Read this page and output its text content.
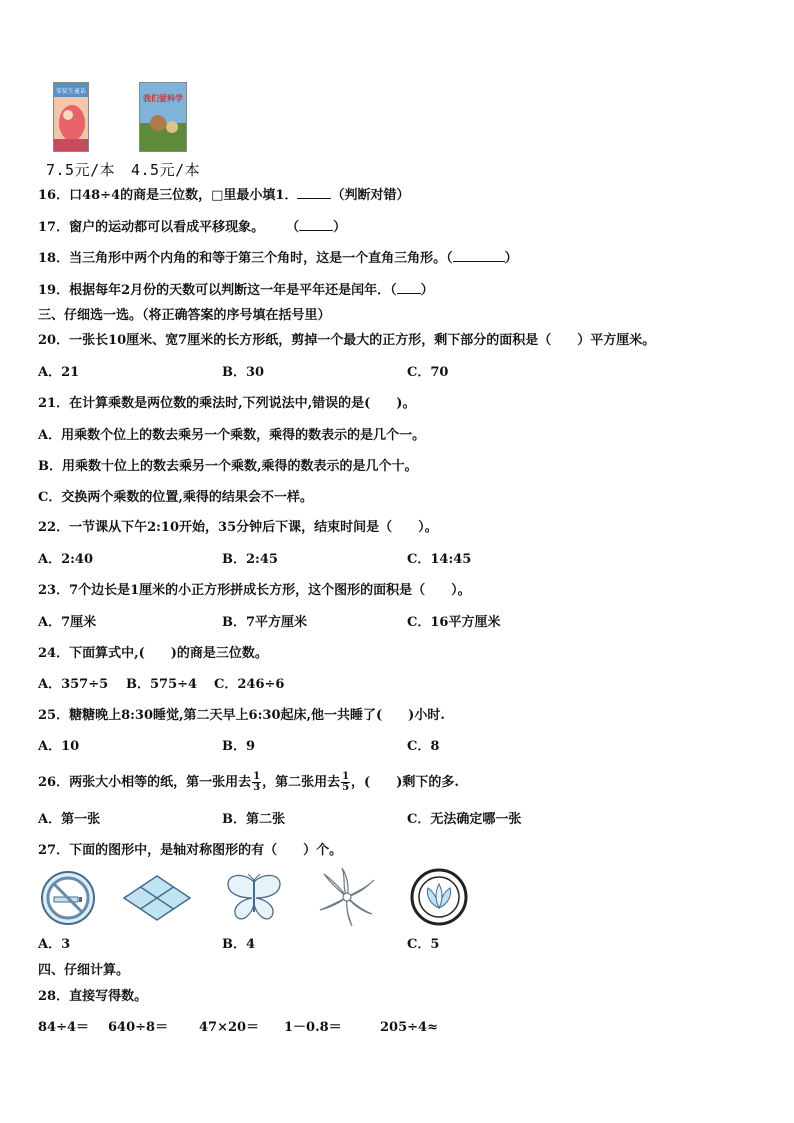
安徒生童话
我们爱科学
7.5元/本 4.5元/本
16．口48÷4的商是三位数，□里最小填1．	（判断对错）
17．窗户的运动都可以看成平移现象。 （	）
18．当三角形中两个内角的和等于第三个角时，这是一个直角三角形。（	）
19．根据每年2月份的天数可以判断这一年是平年还是闰年．（ ）
三、仔细选一选。（将正确答案的序号填在括号里）
20．一张长10厘米、宽7厘米的长方形纸，剪掉一个最大的正方形，剩下部分的面积是（　　）平方厘米。
A．21	B．30	C．70
21．在计算乘数是两位数的乘法时,下列说法中,错误的是(　　)。
A．用乘数个位上的数去乘另一个乘数，乘得的数表示的是几个一。
B．用乘数十位上的数去乘另一个乘数,乘得的数表示的是几个十。
C．交换两个乘数的位置,乘得的结果会不一样。
22．一节课从下午2:10开始，35分钟后下课，结束时间是（　　）。
A．2:40	B．2:45	C．14:45
23．7个边长是1厘米的小正方形拼成长方形，这个图形的面积是（　　）。
A．7厘米	B．7平方厘米	C．16平方厘米
24．下面算式中,(　　)的商是三位数。
A．357÷5 B．575÷4 C．246÷6
25．糖糖晚上8:30睡觉,第二天早上6:30起床,他一共睡了(　　)小时.
A．10	B．9	C．8
26．两张大小相等的纸，第一张用去 $\frac{1}{3}$ ，第二张用去 $\frac{1}{5}$ ，(　　)剩下的多.
A．第一张	B．第二张	C．无法确定哪一张
27．下面的图形中，是轴对称图形的有（　　）个。
A．3	B．4	C．5
四、仔细计算。
28．直接写得数。
84÷4＝ 640÷8＝ 47×20＝ 1－0.8＝	205÷4≈
